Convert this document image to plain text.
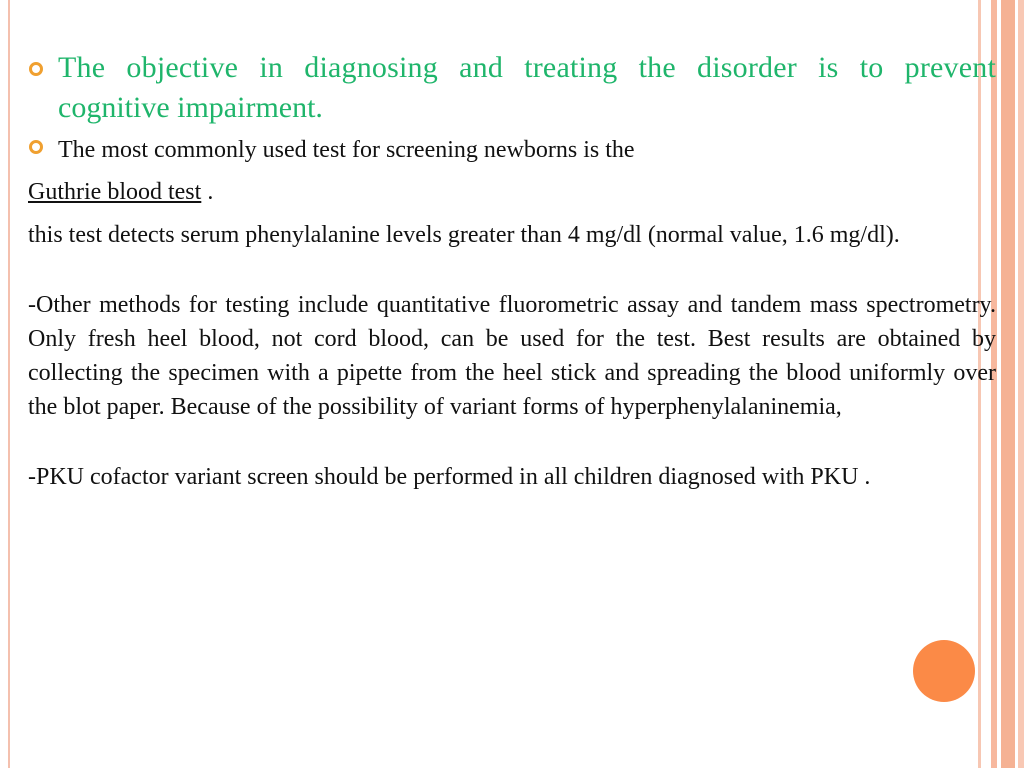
The objective in diagnosing and treating the disorder is to prevent
cognitive impairment.
The most commonly used test for screening newborns is the
Guthrie blood test .
this test detects serum phenylalanine levels greater than 4 mg/dl (normal value, 1.6 mg/dl).
-Other methods for testing include quantitative fluorometric assay and tandem mass spectrometry. Only fresh heel blood, not cord blood, can be used for the test. Best results are obtained by collecting the specimen with a pipette from the heel stick and spreading the blood uniformly over the blot paper. Because of the possibility of variant forms of hyperphenylalaninemia,
-PKU cofactor variant screen should be performed in all children diagnosed with PKU .
